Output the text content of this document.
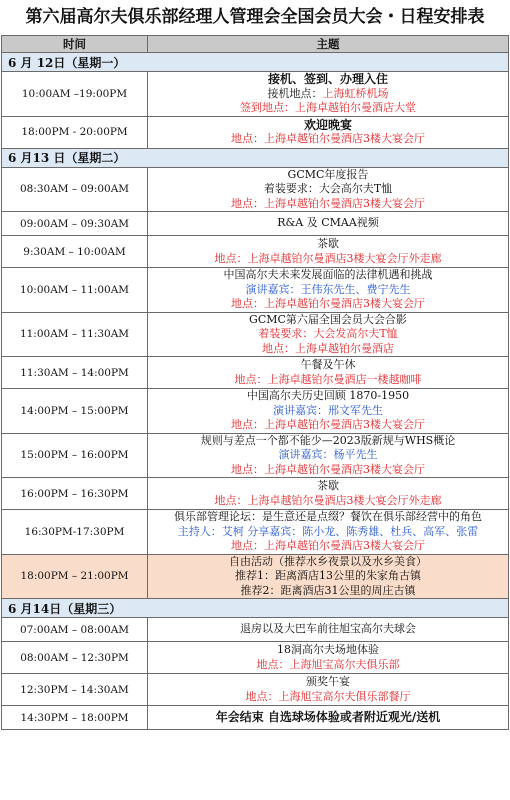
第六届高尔夫俱乐部经理人管理会全国会员大会・日程安排表

时间	主题
6 月 12日（星期一）	
10:00AM –19:00PM	接机、签到、办理入住
接机地点：上海虹桥机场
签到地点：上海卓越铂尔曼酒店大堂

18:00PM - 20:00PM	欢迎晚宴
地点：上海卓越铂尔曼酒店3楼大宴会厅

6 月13 日（星期二）	
08:30AM – 09:00AM	GCMC年度报告
着装要求：大会高尔夫T恤
地点：上海卓越铂尔曼酒店3楼大宴会厅

09:00AM – 09:30AM	R&A 及 CMAA视频

9:30AM – 10:00AM	茶歇
地点：上海卓越铂尔曼酒店3楼大宴会厅外走廊

10:00AM – 11:00AM	中国高尔夫未来发展面临的法律机遇和挑战
演讲嘉宾：王伟东先生、费宁先生
地点：上海卓越铂尔曼酒店3楼大宴会厅

11:00AM – 11:30AM	GCMC第六届全国会员大会合影
着装要求：大会发高尔夫T恤
地点：上海卓越铂尔曼酒店

11:30AM – 14:00PM	午餐及午休
地点：上海卓越铂尔曼酒店一楼越咖啡

14:00PM – 15:00PM	中国高尔夫历史回顾 1870-1950
演讲嘉宾：邢文军先生
地点：上海卓越铂尔曼酒店3楼大宴会厅

15:00PM – 16:00PM	规则与差点一个都不能少—2023版新规与WHS概论
演讲嘉宾：杨平先生
地点：上海卓越铂尔曼酒店3楼大宴会厅

16:00PM – 16:30PM	茶歇
地点：上海卓越铂尔曼酒店3楼大宴会厅外走廊

16:30PM-17:30PM	俱乐部管理论坛：是生意还是点缀？餐饮在俱乐部经营中的角色
主持人：艾柯 分享嘉宾：陈小龙、陈秀雄、杜兵、高军、张雷
地点：上海卓越铂尔曼酒店3楼大宴会厅

18:00PM – 21:00PM	自由活动（推荐水乡夜景以及水乡美食）
推荐1：距离酒店13公里的朱家角古镇
推荐2：距离酒店31公里的周庄古镇

6 月14日（星期三）	
07:00AM – 08:00AM	退房以及大巴车前往旭宝高尔夫球会

08:00AM – 12:30PM	18洞高尔夫场地体验
地点：上海旭宝高尔夫俱乐部

12:30PM – 14:30AM	颁奖午宴
地点：上海旭宝高尔夫俱乐部餐厅

14:30PM – 18:00PM	年会结束 自选球场体验或者附近观光/送机
